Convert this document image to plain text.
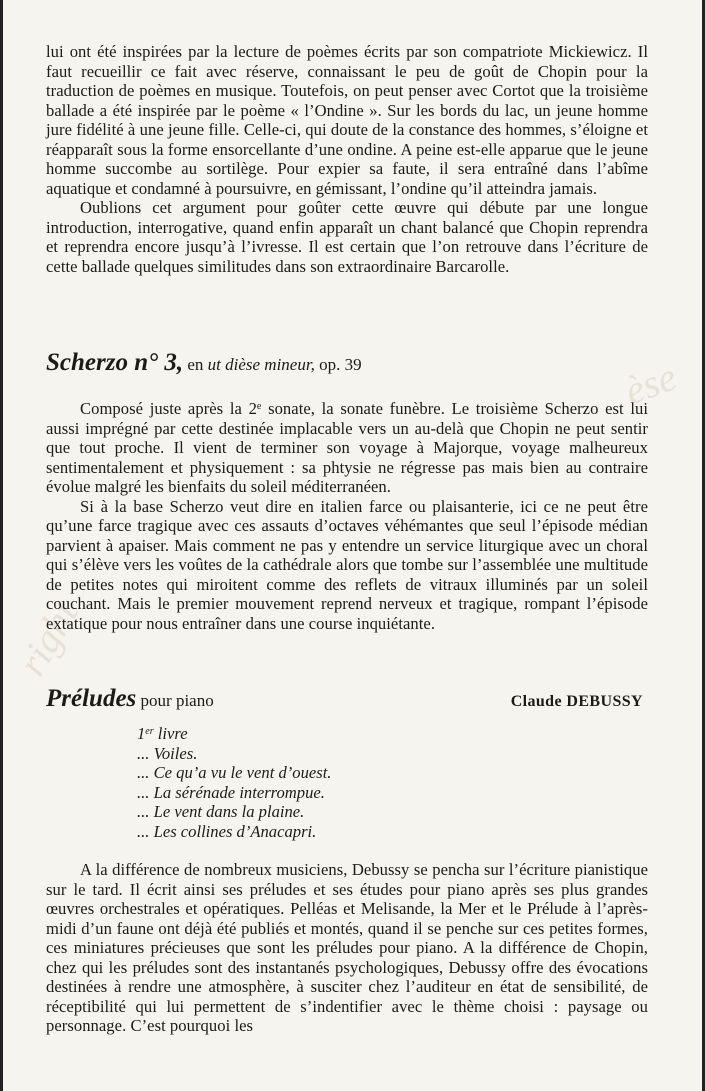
right
èse

lui ont été inspirées par la lecture de poèmes écrits par son compatriote Mickiewicz. Il faut recueillir ce fait avec réserve, connaissant le peu de goût de Chopin pour la traduction de poèmes en musique. Toutefois, on peut penser avec Cortot que la troisième ballade a été inspirée par le poème « l’Ondine ». Sur les bords du lac, un jeune homme jure fidélité à une jeune fille. Celle-ci, qui doute de la constance des hommes, s’éloigne et réapparaît sous la forme ensorcellante d’une ondine. A peine est-elle apparue que le jeune homme succombe au sortilège. Pour expier sa faute, il sera entraîné dans l’abîme aquatique et condamné à poursuivre, en gémissant, l’ondine qu’il atteindra jamais.

Oublions cet argument pour goûter cette œuvre qui débute par une longue introduction, interrogative, quand enfin apparaît un chant balancé que Chopin reprendra et reprendra encore jusqu’à l’ivresse. Il est certain que l’on retrouve dans l’écriture de cette ballade quelques similitudes dans son extraordinaire Barcarolle.

Scherzo n° 3, en ut dièse mineur, op. 39

Composé juste après la 2e sonate, la sonate funèbre. Le troisième Scherzo est lui aussi imprégné par cette destinée implacable vers un au-delà que Chopin ne peut sentir que tout proche. Il vient de terminer son voyage à Majorque, voyage malheureux sentimentalement et physiquement : sa phtysie ne régresse pas mais bien au contraire évolue malgré les bienfaits du soleil méditerranéen.

Si à la base Scherzo veut dire en italien farce ou plaisanterie, ici ce ne peut être qu’une farce tragique avec ces assauts d’octaves véhémantes que seul l’épisode médian parvient à apaiser. Mais comment ne pas y entendre un service liturgique avec un choral qui s’élève vers les voûtes de la cathédrale alors que tombe sur l’assemblée une multitude de petites notes qui miroitent comme des reflets de vitraux illuminés par un soleil couchant. Mais le premier mouvement reprend nerveux et tragique, rompant l’épisode extatique pour nous entraîner dans une course inquiétante.

Préludes pour piano	Claude DEBUSSY
1er livre
... Voiles.
... Ce qu’a vu le vent d’ouest.
... La sérénade interrompue.
... Le vent dans la plaine.
... Les collines d’Anacapri.

A la différence de nombreux musiciens, Debussy se pencha sur l’écriture pianistique sur le tard. Il écrit ainsi ses préludes et ses études pour piano après ses plus grandes œuvres orchestrales et opératiques. Pelléas et Melisande, la Mer et le Prélude à l’après-midi d’un faune ont déjà été publiés et montés, quand il se penche sur ces petites formes, ces miniatures précieuses que sont les préludes pour piano. A la différence de Chopin, chez qui les préludes sont des instantanés psychologiques, Debussy offre des évocations destinées à rendre une atmosphère, à susciter chez l’auditeur en état de sensibilité, de réceptibilité qui lui permettent de s’indentifier avec le thème choisi : paysage ou personnage. C’est pourquoi les
